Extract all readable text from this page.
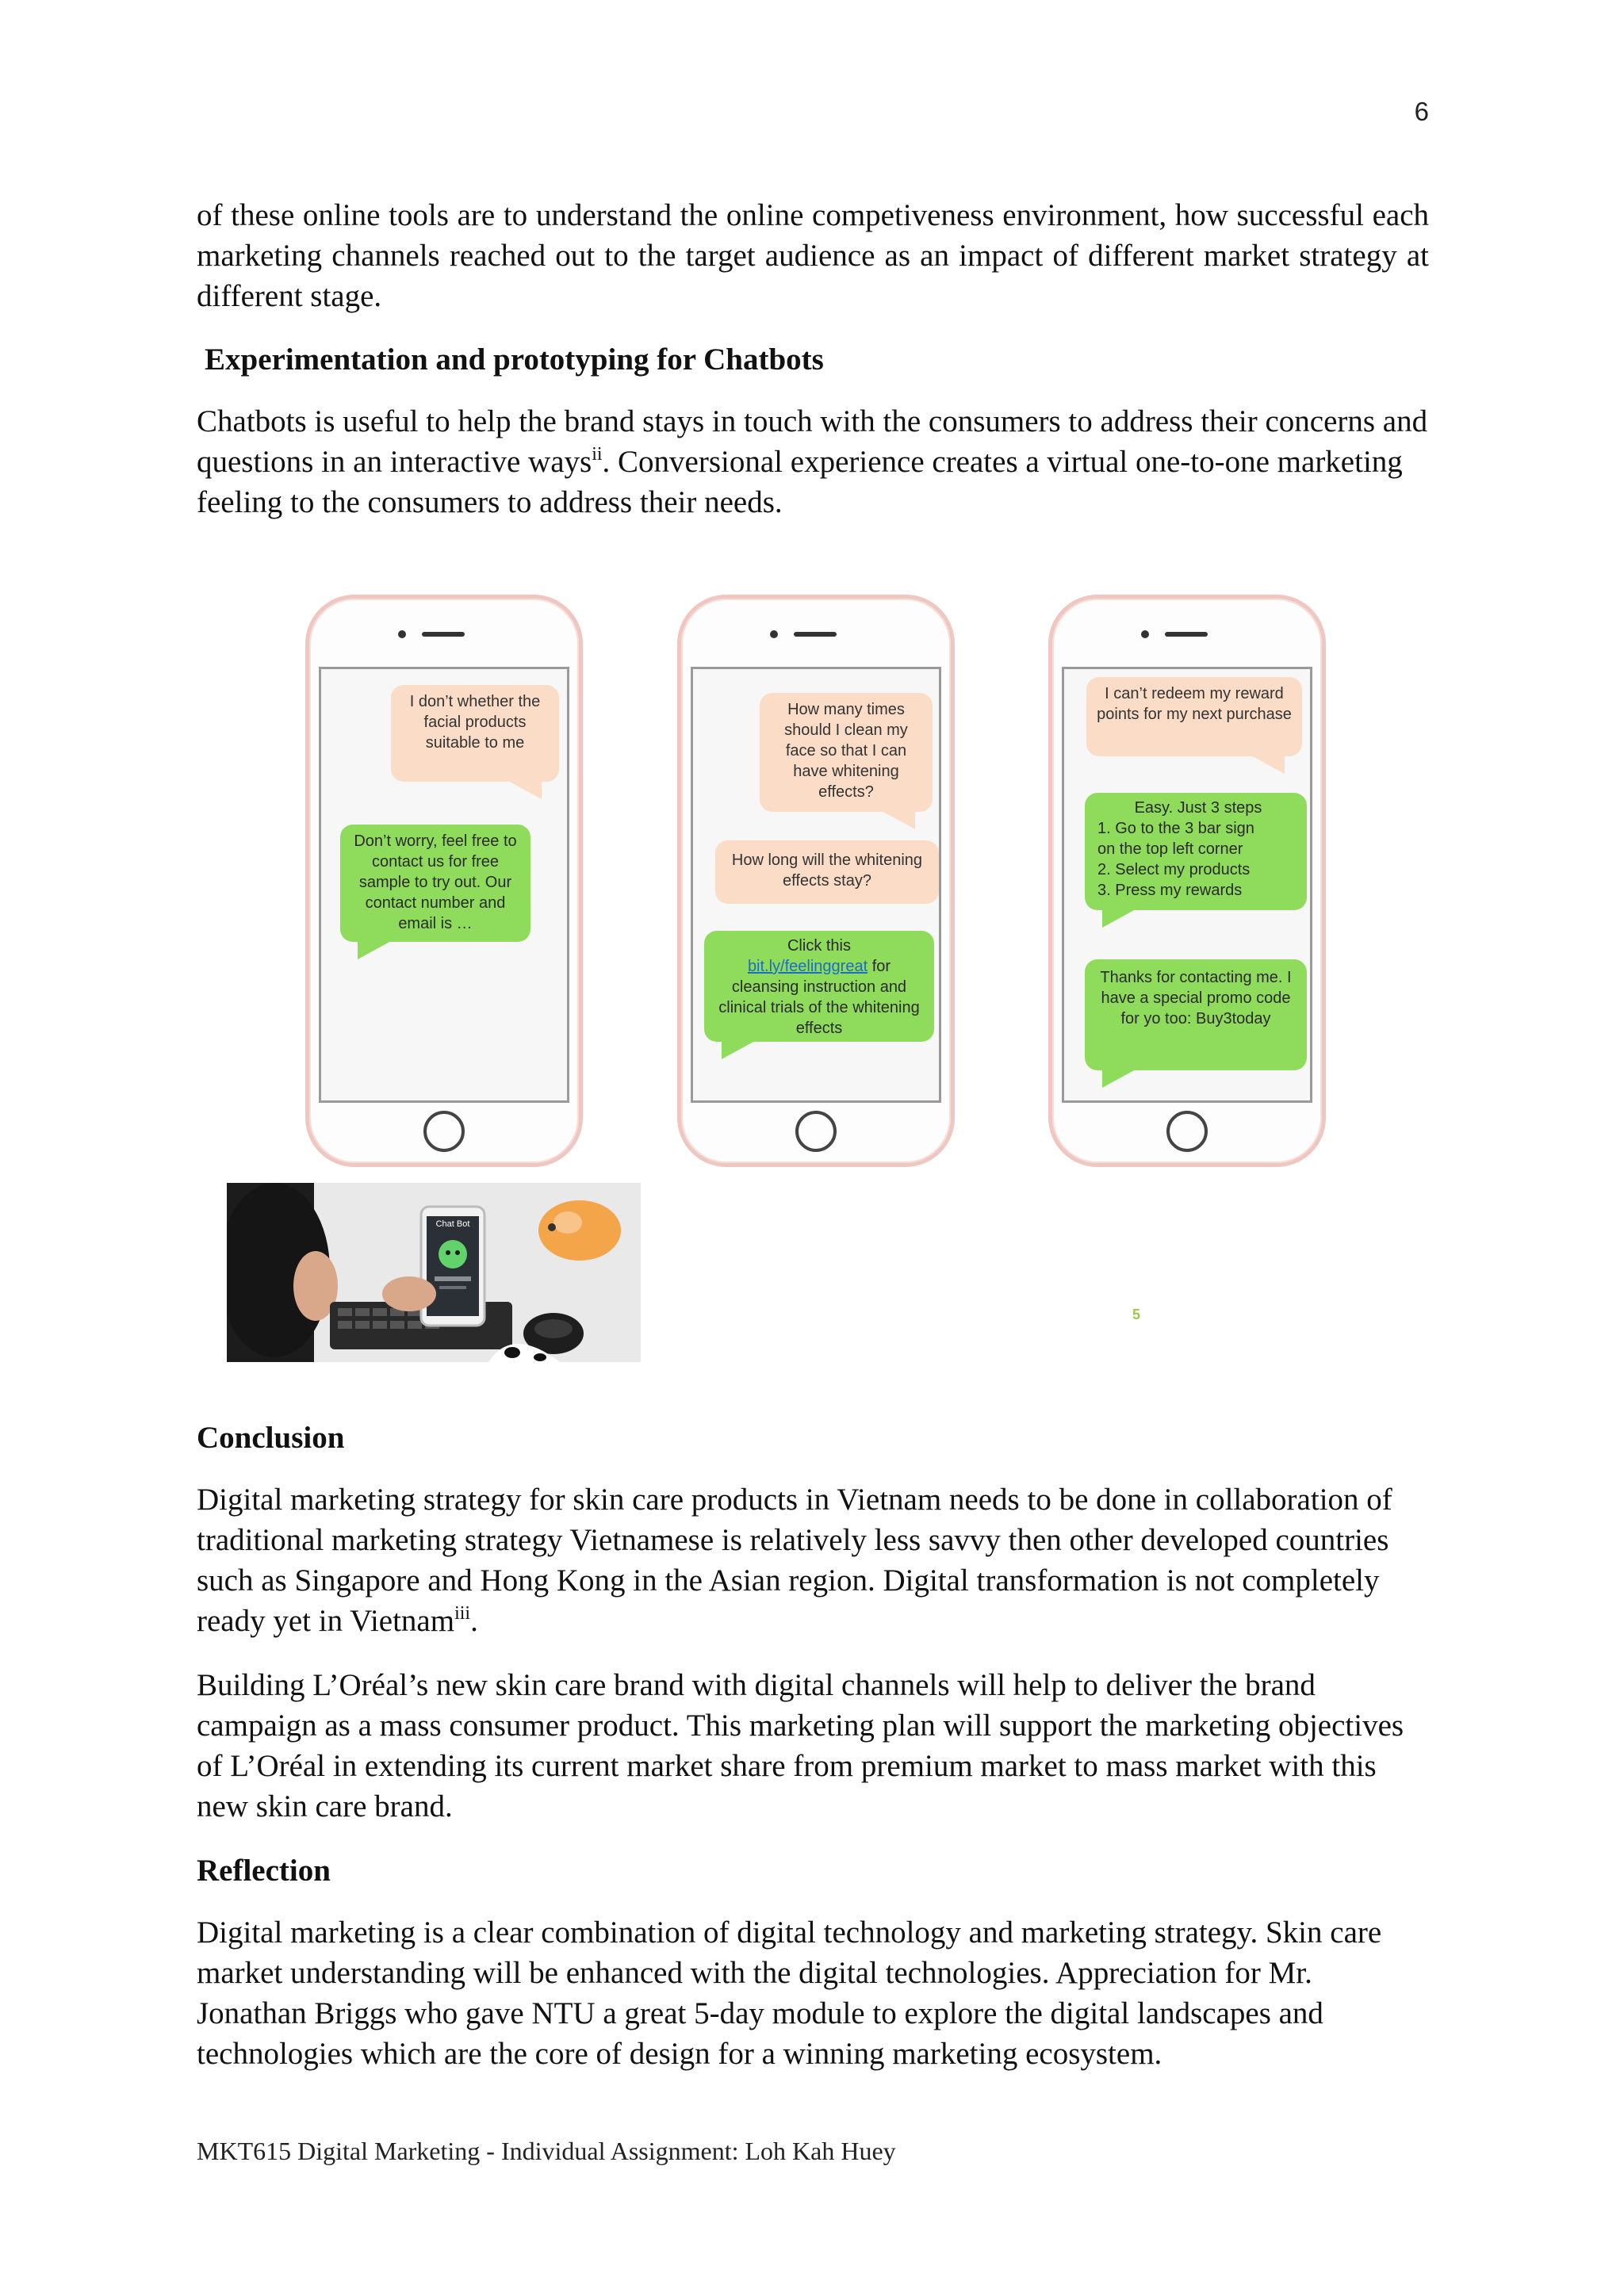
6

of these online tools are to understand the online competiveness environment, how successful each marketing channels reached out to the target audience as an impact of different market strategy at different stage.

Experimentation and prototyping for Chatbots

Chatbots is useful to help the brand stays in touch with the consumers to address their concerns and questions in an interactive ways$^{ii}$. Conversional experience creates a virtual one-to-one marketing feeling to the consumers to address their needs.

I don’t whether the facial products suitable to me
Don’t worry, feel free to contact us for free sample to try out. Our contact number and email is …
How many times should I clean my face so that I can have whitening effects?
How long will the whitening effects stay?
Click this
bit.ly/feelinggreat for cleansing instruction and clinical trials of the whitening effects
I can’t redeem my reward points for my next purchase
Easy. Just 3 steps
1. Go to the 3 bar sign
on the top left corner
2. Select my products
3. Press my rewards
Thanks for contacting me. I have a special promo code for yo too: Buy3today
Chat Bot
5
Conclusion

Digital marketing strategy for skin care products in Vietnam needs to be done in collaboration of traditional marketing strategy Vietnamese is relatively less savvy then other developed countries such as Singapore and Hong Kong in the Asian region. Digital transformation is not completely ready yet in Vietnam$^{iii}$.

Building L’Oréal’s new skin care brand with digital channels will help to deliver the brand campaign as a mass consumer product. This marketing plan will support the marketing objectives of L’Oréal in extending its current market share from premium market to mass market with this new skin care brand.

Reflection

Digital marketing is a clear combination of digital technology and marketing strategy. Skin care market understanding will be enhanced with the digital technologies. Appreciation for Mr. Jonathan Briggs who gave NTU a great 5-day module to explore the digital landscapes and technologies which are the core of design for a winning marketing ecosystem.

MKT615 Digital Marketing - Individual Assignment: Loh Kah Huey
